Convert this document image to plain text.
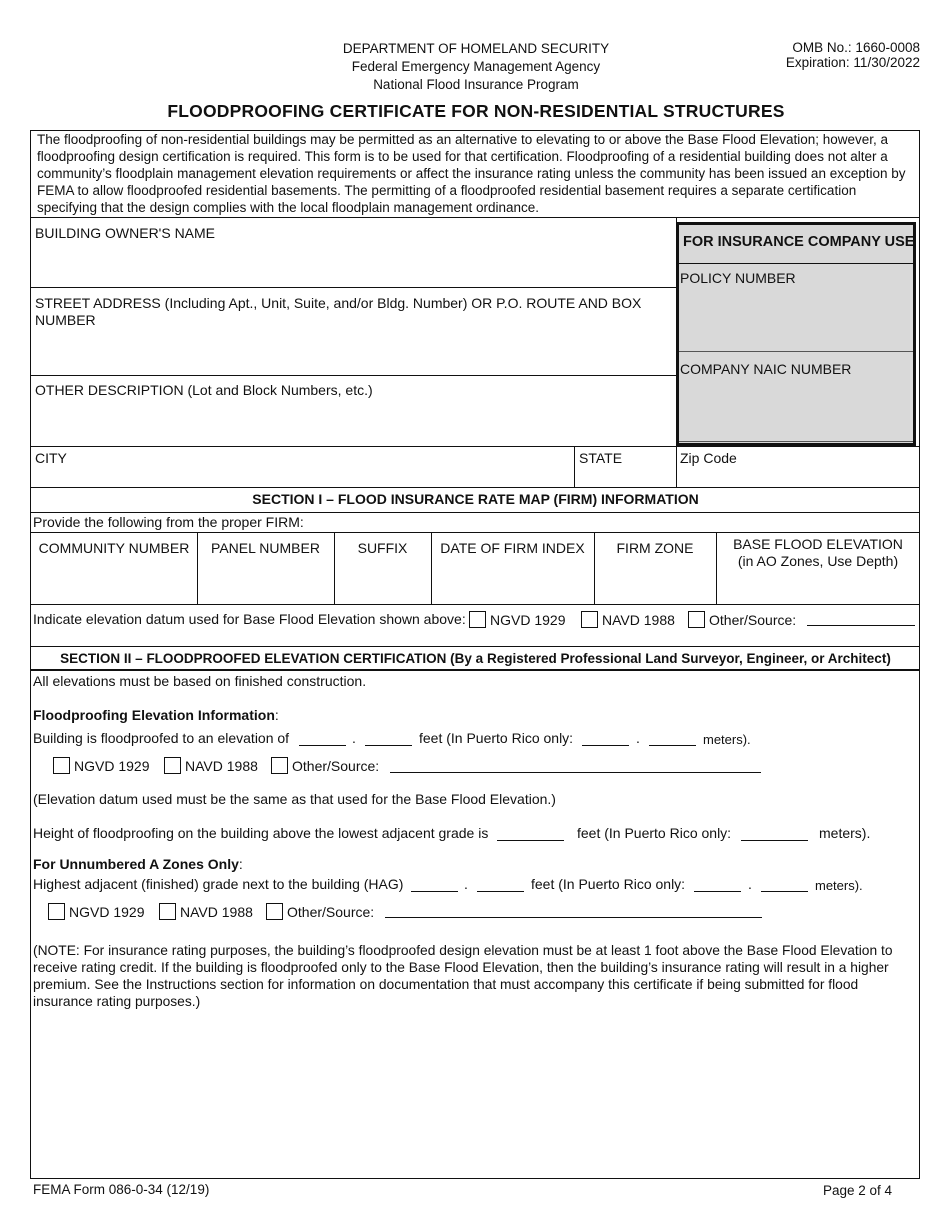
DEPARTMENT OF HOMELAND SECURITY
Federal Emergency Management Agency
National Flood Insurance Program
OMB No.: 1660-0008
Expiration: 11/30/2022
FLOODPROOFING CERTIFICATE FOR NON-RESIDENTIAL STRUCTURES
The floodproofing of non-residential buildings may be permitted as an alternative to elevating to or above the Base Flood Elevation; however, a floodproofing design certification is required. This form is to be used for that certification. Floodproofing of a residential building does not alter a community’s floodplain management elevation requirements or affect the insurance rating unless the community has been issued an exception by FEMA to allow floodproofed residential basements. The permitting of a floodproofed residential basement requires a separate certification specifying that the design complies with the local floodplain management ordinance.
BUILDING OWNER'S NAME
STREET ADDRESS (Including Apt., Unit, Suite, and/or Bldg. Number) OR P.O. ROUTE AND BOX NUMBER
OTHER DESCRIPTION (Lot and Block Numbers, etc.)
CITY	STATE	Zip Code
FOR INSURANCE COMPANY USE
POLICY NUMBER
COMPANY NAIC NUMBER
SECTION I – FLOOD INSURANCE RATE MAP (FIRM) INFORMATION
Provide the following from the proper FIRM:
COMMUNITY NUMBER	PANEL NUMBER	SUFFIX	DATE OF FIRM INDEX	FIRM ZONE	BASE FLOOD ELEVATION
(in AO Zones, Use Depth)
Indicate elevation datum used for Base Flood Elevation shown above: NGVD 1929	NAVD 1988 Other/Source:
SECTION II – FLOODPROOFED ELEVATION CERTIFICATION (By a Registered Professional Land Surveyor, Engineer, or Architect)
All elevations must be based on finished construction.
Floodproofing Elevation Information:
Building is floodproofed to an elevation of	.	feet (In Puerto Rico only:	.	meters).
NGVD 1929	NAVD 1988 Other/Source:
(Elevation datum used must be the same as that used for the Base Flood Elevation.)
Height of floodproofing on the building above the lowest adjacent grade is	feet (In Puerto Rico only:	meters).
For Unnumbered A Zones Only:
Highest adjacent (finished) grade next to the building (HAG)	.	feet (In Puerto Rico only:	.	meters).
NGVD 1929	NAVD 1988 Other/Source:
(NOTE: For insurance rating purposes, the building’s floodproofed design elevation must be at least 1 foot above the Base Flood Elevation to receive rating credit. If the building is floodproofed only to the Base Flood Elevation, then the building’s insurance rating will result in a higher premium. See the Instructions section for information on documentation that must accompany this certificate if being submitted for flood insurance rating purposes.)
FEMA Form 086-0-34 (12/19)	Page 2 of 4
